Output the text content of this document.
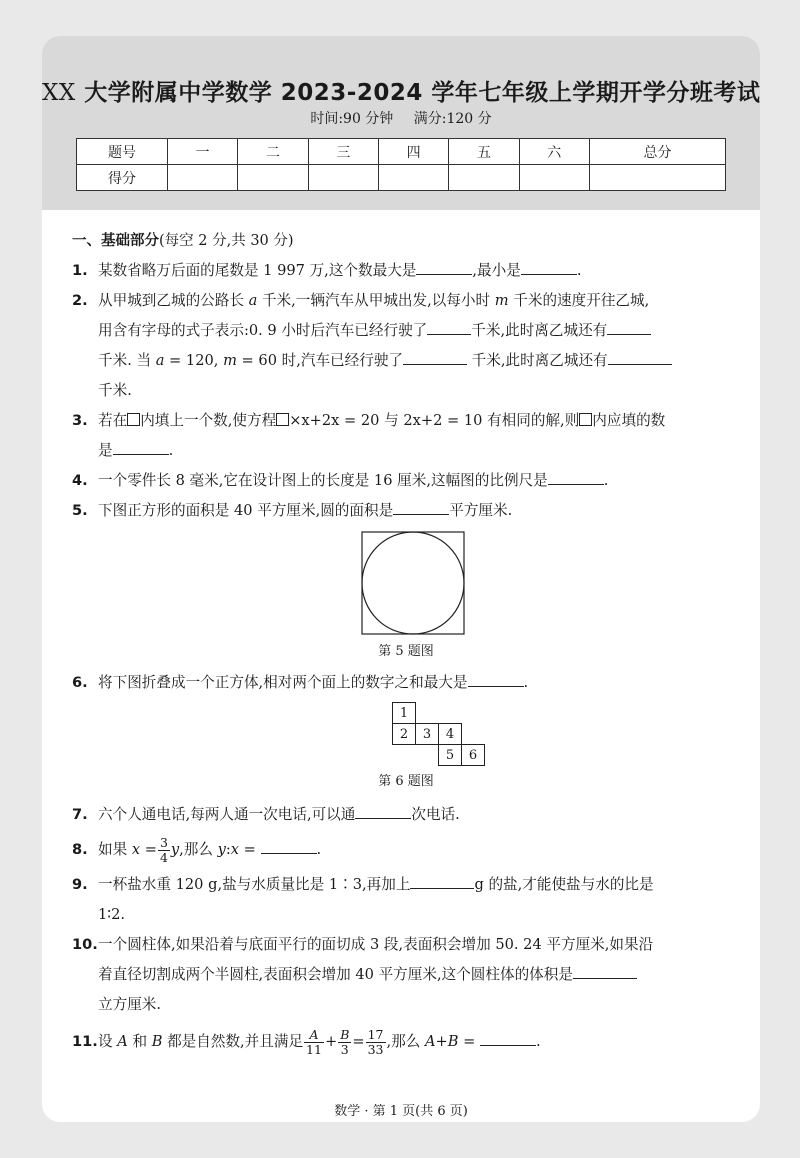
XX 大学附属中学数学 2023-2024 学年七年级上学期开学分班考试
时间:90 分钟 满分:120 分
题号	一	二	三	四	五	六	总分
得分							
一、基础部分(每空 2 分,共 30 分)
1. 某数省略万后面的尾数是 1 997 万,这个数最大是	,最小是	.
2. 从甲城到乙城的公路长 a 千米,一辆汽车从甲城出发,以每小时 m 千米的速度开往乙城,
用含有字母的式子表示:0. 9 小时后汽车已经行驶了	千米,此时离乙城还有
千米. 当 a = 120, m = 60 时,汽车已经行驶了	千米,此时离乙城还有
千米.
3. 若在 内填上一个数,使方程 ×x+2x = 20 与 2x+2 = 10 有相同的解,则 内应填的数
是	.
4. 一个零件长 8 毫米,它在设计图上的长度是 16 厘米,这幅图的比例尺是	.
5. 下图正方形的面积是 40 平方厘米,圆的面积是	平方厘米.
第 5 题图
6. 将下图折叠成一个正方体,相对两个面上的数字之和最大是	.
1
2	3	4
5	6
第 6 题图
7. 六个人通电话,每两人通一次电话,可以通	次电话.
8. 如果 $x = \frac{3}{4} y$,那么 y:x =	.
9. 一杯盐水重 120 g,盐与水质量比是 1∶3,再加上	g 的盐,才能使盐与水的比是
1∶2.
10. 一个圆柱体,如果沿着与底面平行的面切成 3 段,表面积会增加 50. 24 平方厘米,如果沿
着直径切割成两个半圆柱,表面积会增加 40 平方厘米,这个圆柱体的体积是
立方厘米.
11. 设 A 和 B 都是自然数,并且满足 $\frac{A}{11} + \frac{B}{3} = \frac{17}{33}$ ,那么 A+B =	.
数学 · 第 1 页(共 6 页)
